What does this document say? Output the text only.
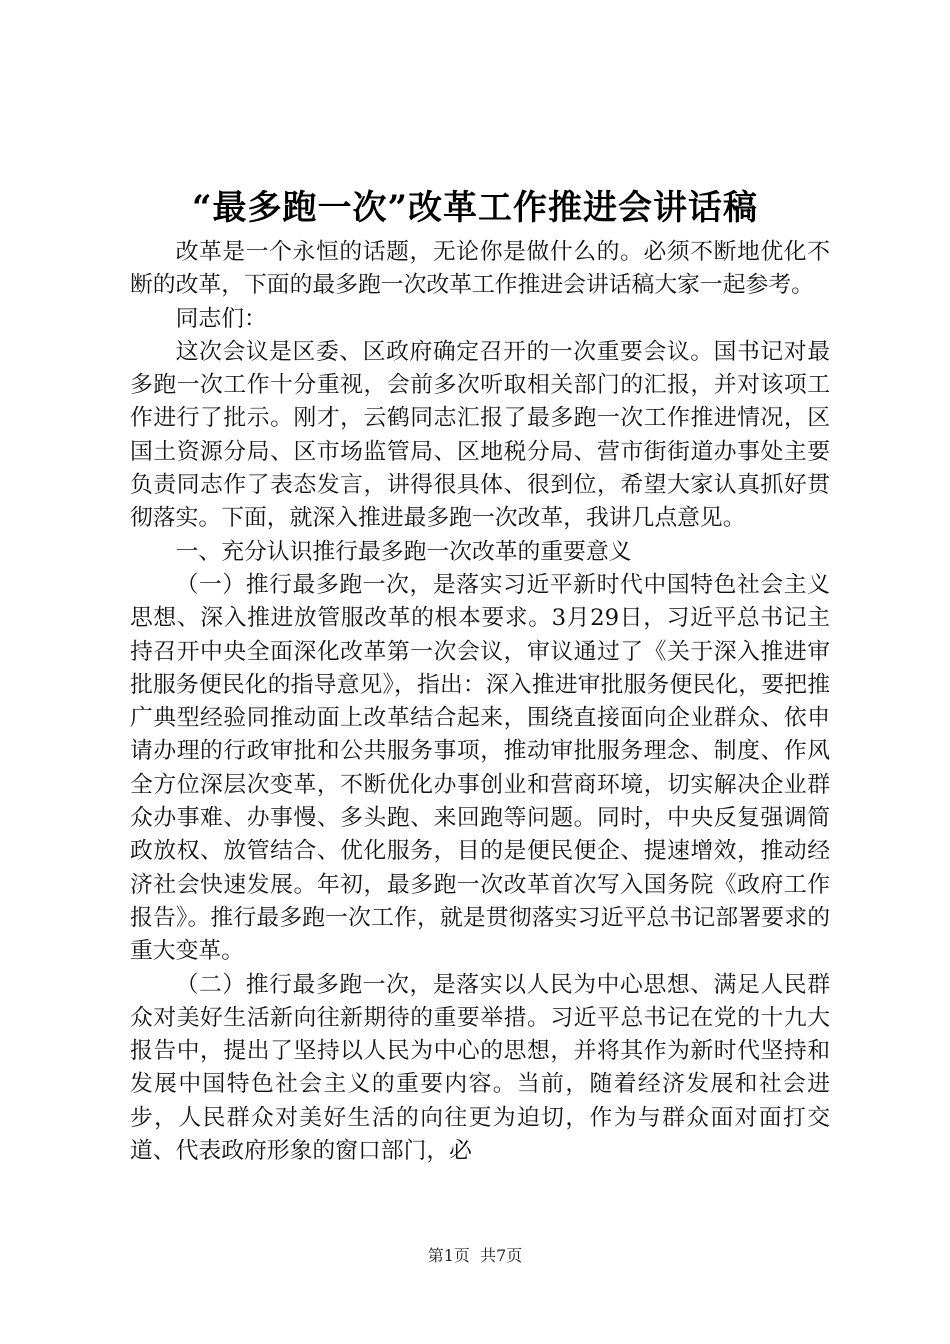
“最多跑一次”改革工作推进会讲话稿

改革是一个永恒的话题，无论你是做什么的。必须不断地优化不断的改革，下面的最多跑一次改革工作推进会讲话稿大家一起参考。

同志们：

这次会议是区委、区政府确定召开的一次重要会议。国书记对最多跑一次工作十分重视，会前多次听取相关部门的汇报，并对该项工作进行了批示。刚才，云鹤同志汇报了最多跑一次工作推进情况，区国土资源分局、区市场监管局、区地税分局、营市街街道办事处主要负责同志作了表态发言，讲得很具体、很到位，希望大家认真抓好贯彻落实。下面，就深入推进最多跑一次改革，我讲几点意见。

一、充分认识推行最多跑一次改革的重要意义

（一）推行最多跑一次，是落实习近平新时代中国特色社会主义思想、深入推进放管服改革的根本要求。3月29日，习近平总书记主持召开中央全面深化改革第一次会议，审议通过了《关于深入推进审批服务便民化的指导意见》，指出：深入推进审批服务便民化，要把推广典型经验同推动面上改革结合起来，围绕直接面向企业群众、依申请办理的行政审批和公共服务事项，推动审批服务理念、制度、作风全方位深层次变革，不断优化办事创业和营商环境，切实解决企业群众办事难、办事慢、多头跑、来回跑等问题。同时，中央反复强调简政放权、放管结合、优化服务，目的是便民便企、提速增效，推动经济社会快速发展。年初，最多跑一次改革首次写入国务院《政府工作报告》。推行最多跑一次工作，就是贯彻落实习近平总书记部署要求的重大变革。

（二）推行最多跑一次，是落实以人民为中心思想、满足人民群众对美好生活新向往新期待的重要举措。习近平总书记在党的十九大报告中，提出了坚持以人民为中心的思想，并将其作为新时代坚持和发展中国特色社会主义的重要内容。当前，随着经济发展和社会进步，人民群众对美好生活的向往更为迫切，作为与群众面对面打交道、代表政府形象的窗口部门，必

第1页 共7页
